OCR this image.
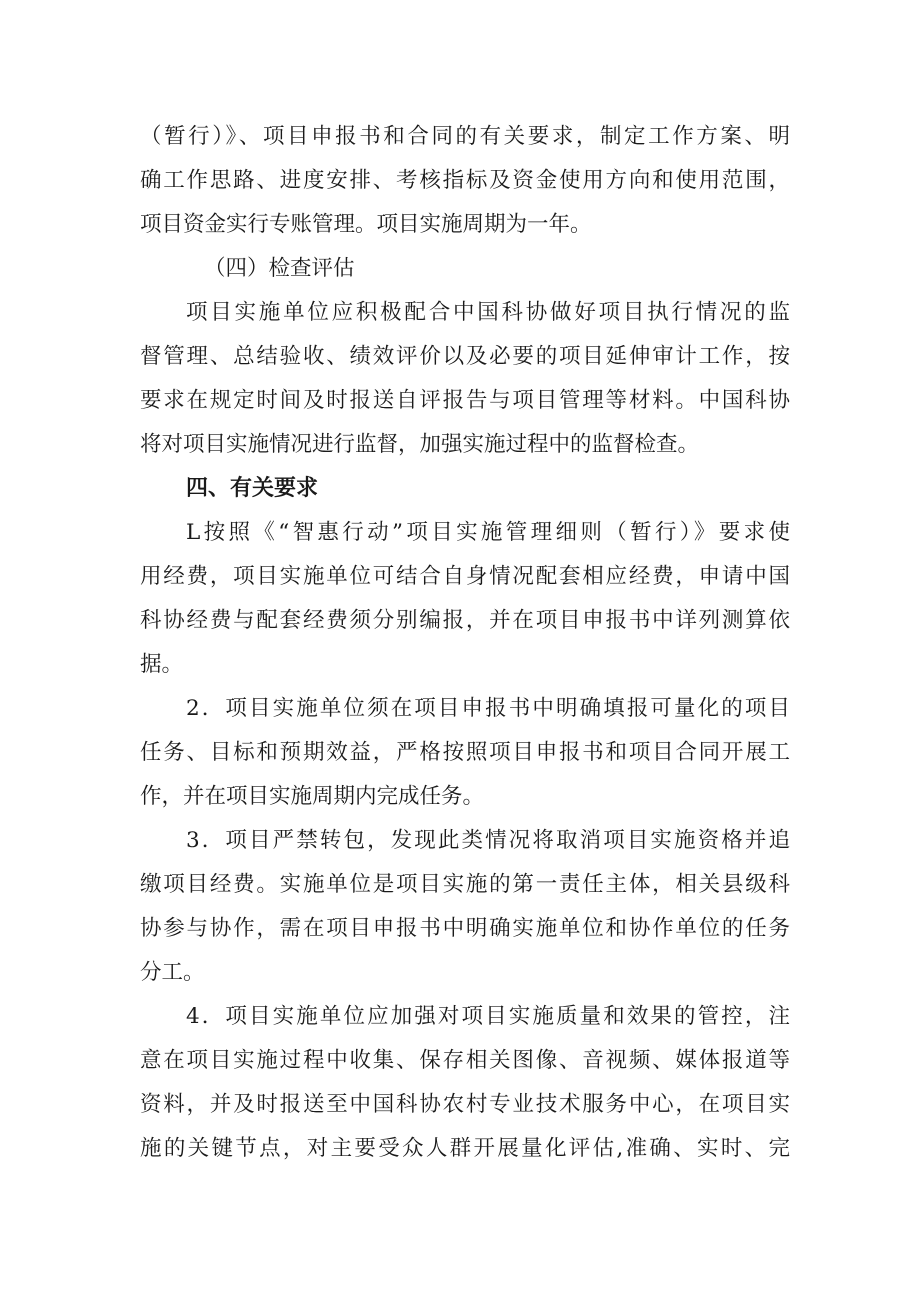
（暂行）》、项目申报书和合同的有关要求，制定工作方案、明

确工作思路、进度安排、考核指标及资金使用方向和使用范围，

项目资金实行专账管理。项目实施周期为一年。

（四）检查评估

项目实施单位应积极配合中国科协做好项目执行情况的监

督管理、总结验收、绩效评价以及必要的项目延伸审计工作，按

要求在规定时间及时报送自评报告与项目管理等材料。中国科协

将对项目实施情况进行监督，加强实施过程中的监督检查。

四、有关要求

L按照《“智惠行动”项目实施管理细则（暂行）》要求使

用经费，项目实施单位可结合自身情况配套相应经费，申请中国

科协经费与配套经费须分别编报，并在项目申报书中详列测算依

据。

2．项目实施单位须在项目申报书中明确填报可量化的项目

任务、目标和预期效益，严格按照项目申报书和项目合同开展工

作，并在项目实施周期内完成任务。

3．项目严禁转包，发现此类情况将取消项目实施资格并追

缴项目经费。实施单位是项目实施的第一责任主体，相关县级科

协参与协作，需在项目申报书中明确实施单位和协作单位的任务

分工。

4．项目实施单位应加强对项目实施质量和效果的管控，注

意在项目实施过程中收集、保存相关图像、音视频、媒体报道等

资料，并及时报送至中国科协农村专业技术服务中心，在项目实

施的关键节点，对主要受众人群开展量化评估,准确、实时、完
